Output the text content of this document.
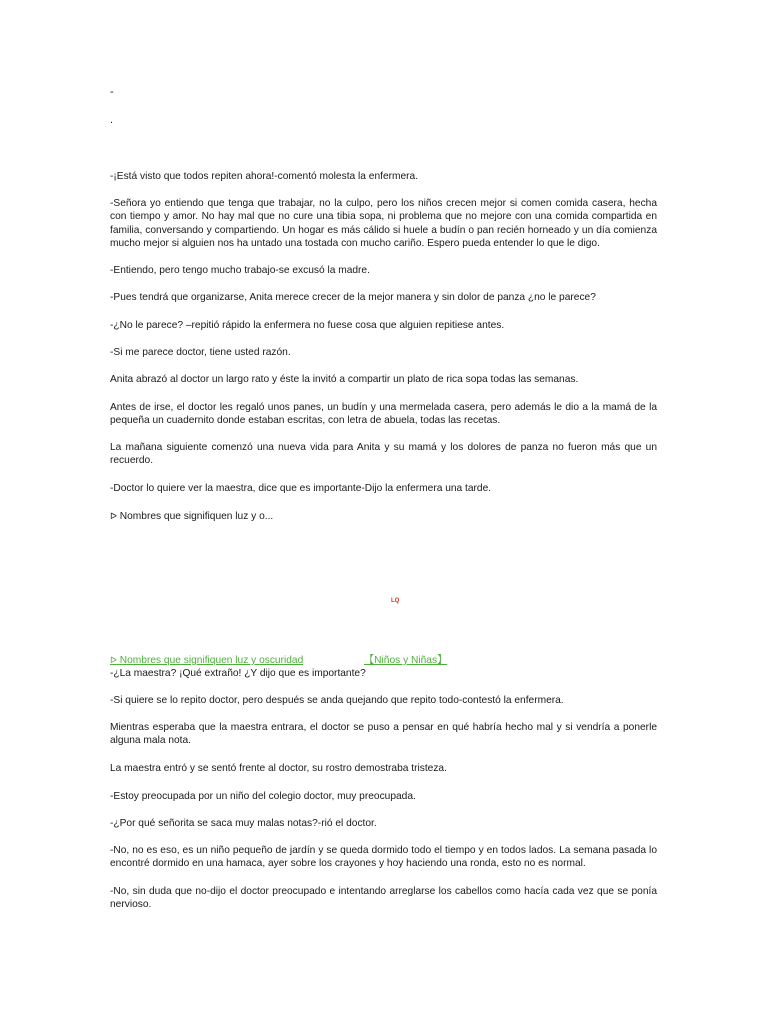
-
.

-¡Está visto que todos repiten ahora!-comentó molesta la enfermera.

-Señora yo entiendo que tenga que trabajar, no la culpo, pero los niños crecen mejor si comen comida casera, hecha con tiempo y amor. No hay mal que no cure una tibia sopa, ni problema que no mejore con una comida compartida en familia, conversando y compartiendo. Un hogar es más cálido si huele a budín o pan recién horneado y un día comienza mucho mejor si alguien nos ha untado una tostada con mucho cariño. Espero pueda entender lo que le digo.

-Entiendo, pero tengo mucho trabajo-se excusó la madre.

-Pues tendrá que organizarse, Anita merece crecer de la mejor manera y sin dolor de panza ¿no le parece?

-¿No le parece? –repitió rápido la enfermera no fuese cosa que alguien repitiese antes.

-Si me parece doctor, tiene usted razón.

Anita abrazó al doctor un largo rato y éste la invitó a compartir un plato de rica sopa todas las semanas.

Antes de irse, el doctor les regaló unos panes, un budín y una mermelada casera, pero además le dio a la mamá de la pequeña un cuadernito donde estaban escritas, con letra de abuela, todas las recetas.

La mañana siguiente comenzó una nueva vida para Anita y su mamá y los dolores de panza no fueron más que un recuerdo.

-Doctor lo quiere ver la maestra, dice que es importante-Dijo la enfermera una tarde.

ᐅ Nombres que signifiquen luz y o...

LQ
ᐅ Nombres que signifiquen luz y oscuridad	【Niños y Niñas】

-¿La maestra? ¡Qué extraño! ¿Y dijo que es importante?

-Si quiere se lo repito doctor, pero después se anda quejando que repito todo-contestó la enfermera.

Mientras esperaba que la maestra entrara, el doctor se puso a pensar en qué habría hecho mal y si vendría a ponerle alguna mala nota.

La maestra entró y se sentó frente al doctor, su rostro demostraba tristeza.

-Estoy preocupada por un niño del colegio doctor, muy preocupada.

-¿Por qué señorita se saca muy malas notas?-rió el doctor.

-No, no es eso, es un niño pequeño de jardín y se queda dormido todo el tiempo y en todos lados. La semana pasada lo encontré dormido en una hamaca, ayer sobre los crayones y hoy haciendo una ronda, esto no es normal.

-No, sin duda que no-dijo el doctor preocupado e intentando arreglarse los cabellos como hacía cada vez que se ponía nervioso.
